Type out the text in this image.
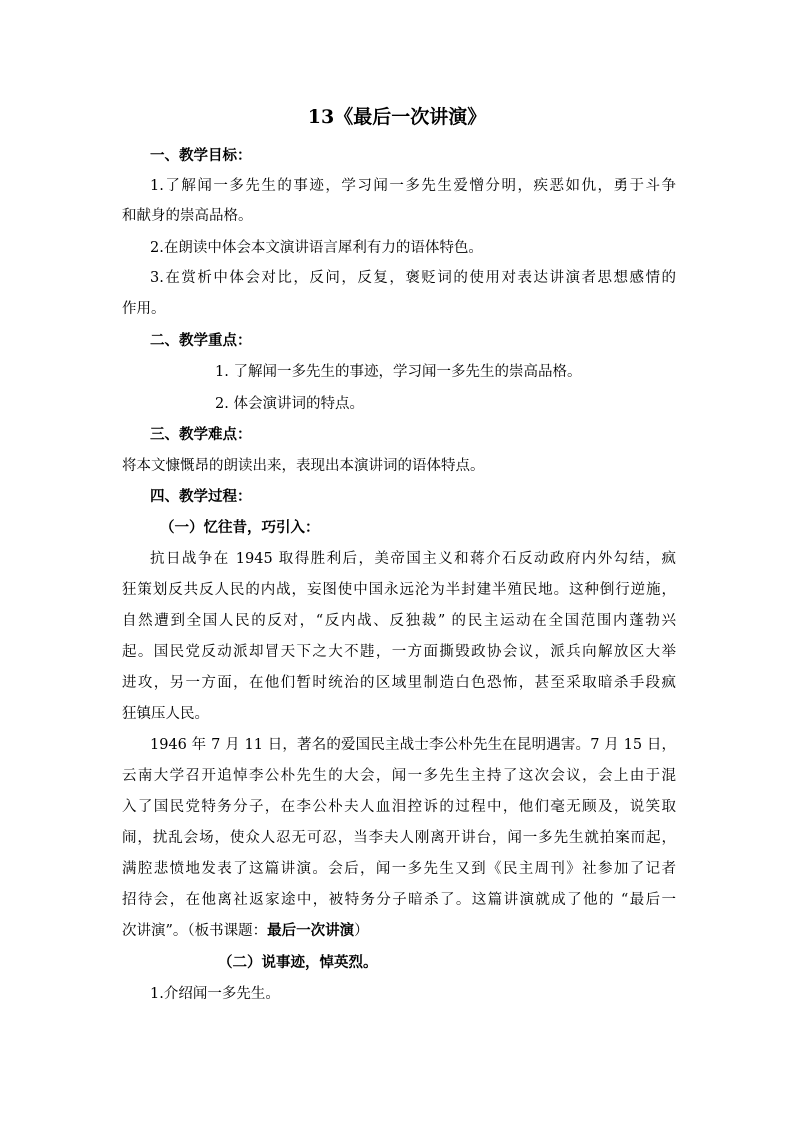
13《最后一次讲演》
一、教学目标：
1.了解闻一多先生的事迹，学习闻一多先生爱憎分明，疾恶如仇，勇于斗争
和献身的崇高品格。
2.在朗读中体会本文演讲语言犀利有力的语体特色。
3.在赏析中体会对比，反问，反复，褒贬词的使用对表达讲演者思想感情的
作用。
二、教学重点：
1. 了解闻一多先生的事迹，学习闻一多先生的崇高品格。
2. 体会演讲词的特点。
三、教学难点：
将本文慷慨昂的朗读出来，表现出本演讲词的语体特点。
四、教学过程：
（一）忆往昔，巧引入：
抗日战争在 1945 取得胜利后，美帝国主义和蒋介石反动政府内外勾结，疯
狂策划反共反人民的内战，妄图使中国永远沦为半封建半殖民地。这种倒行逆施，
自然遭到全国人民的反对，“反内战、反独裁” 的民主运动在全国范围内蓬勃兴
起。国民党反动派却冒天下之大不韪，一方面撕毁政协会议，派兵向解放区大举
进攻，另一方面，在他们暂时统治的区域里制造白色恐怖，甚至采取暗杀手段疯
狂镇压人民。
1946 年 7 月 11 日，著名的爱国民主战士李公朴先生在昆明遇害。7 月 15 日，
云南大学召开追悼李公朴先生的大会，闻一多先生主持了这次会议，会上由于混
入了国民党特务分子，在李公朴夫人血泪控诉的过程中，他们毫无顾及，说笑取
闹，扰乱会场，使众人忍无可忍，当李夫人刚离开讲台，闻一多先生就拍案而起，
满腔悲愤地发表了这篇讲演。会后，闻一多先生又到《民主周刊》社参加了记者
招待会，在他离社返家途中，被特务分子暗杀了。这篇讲演就成了他的 “最后一
次讲演”。（板书课题：最后一次讲演）
（二）说事迹，悼英烈。
1.介绍闻一多先生。
